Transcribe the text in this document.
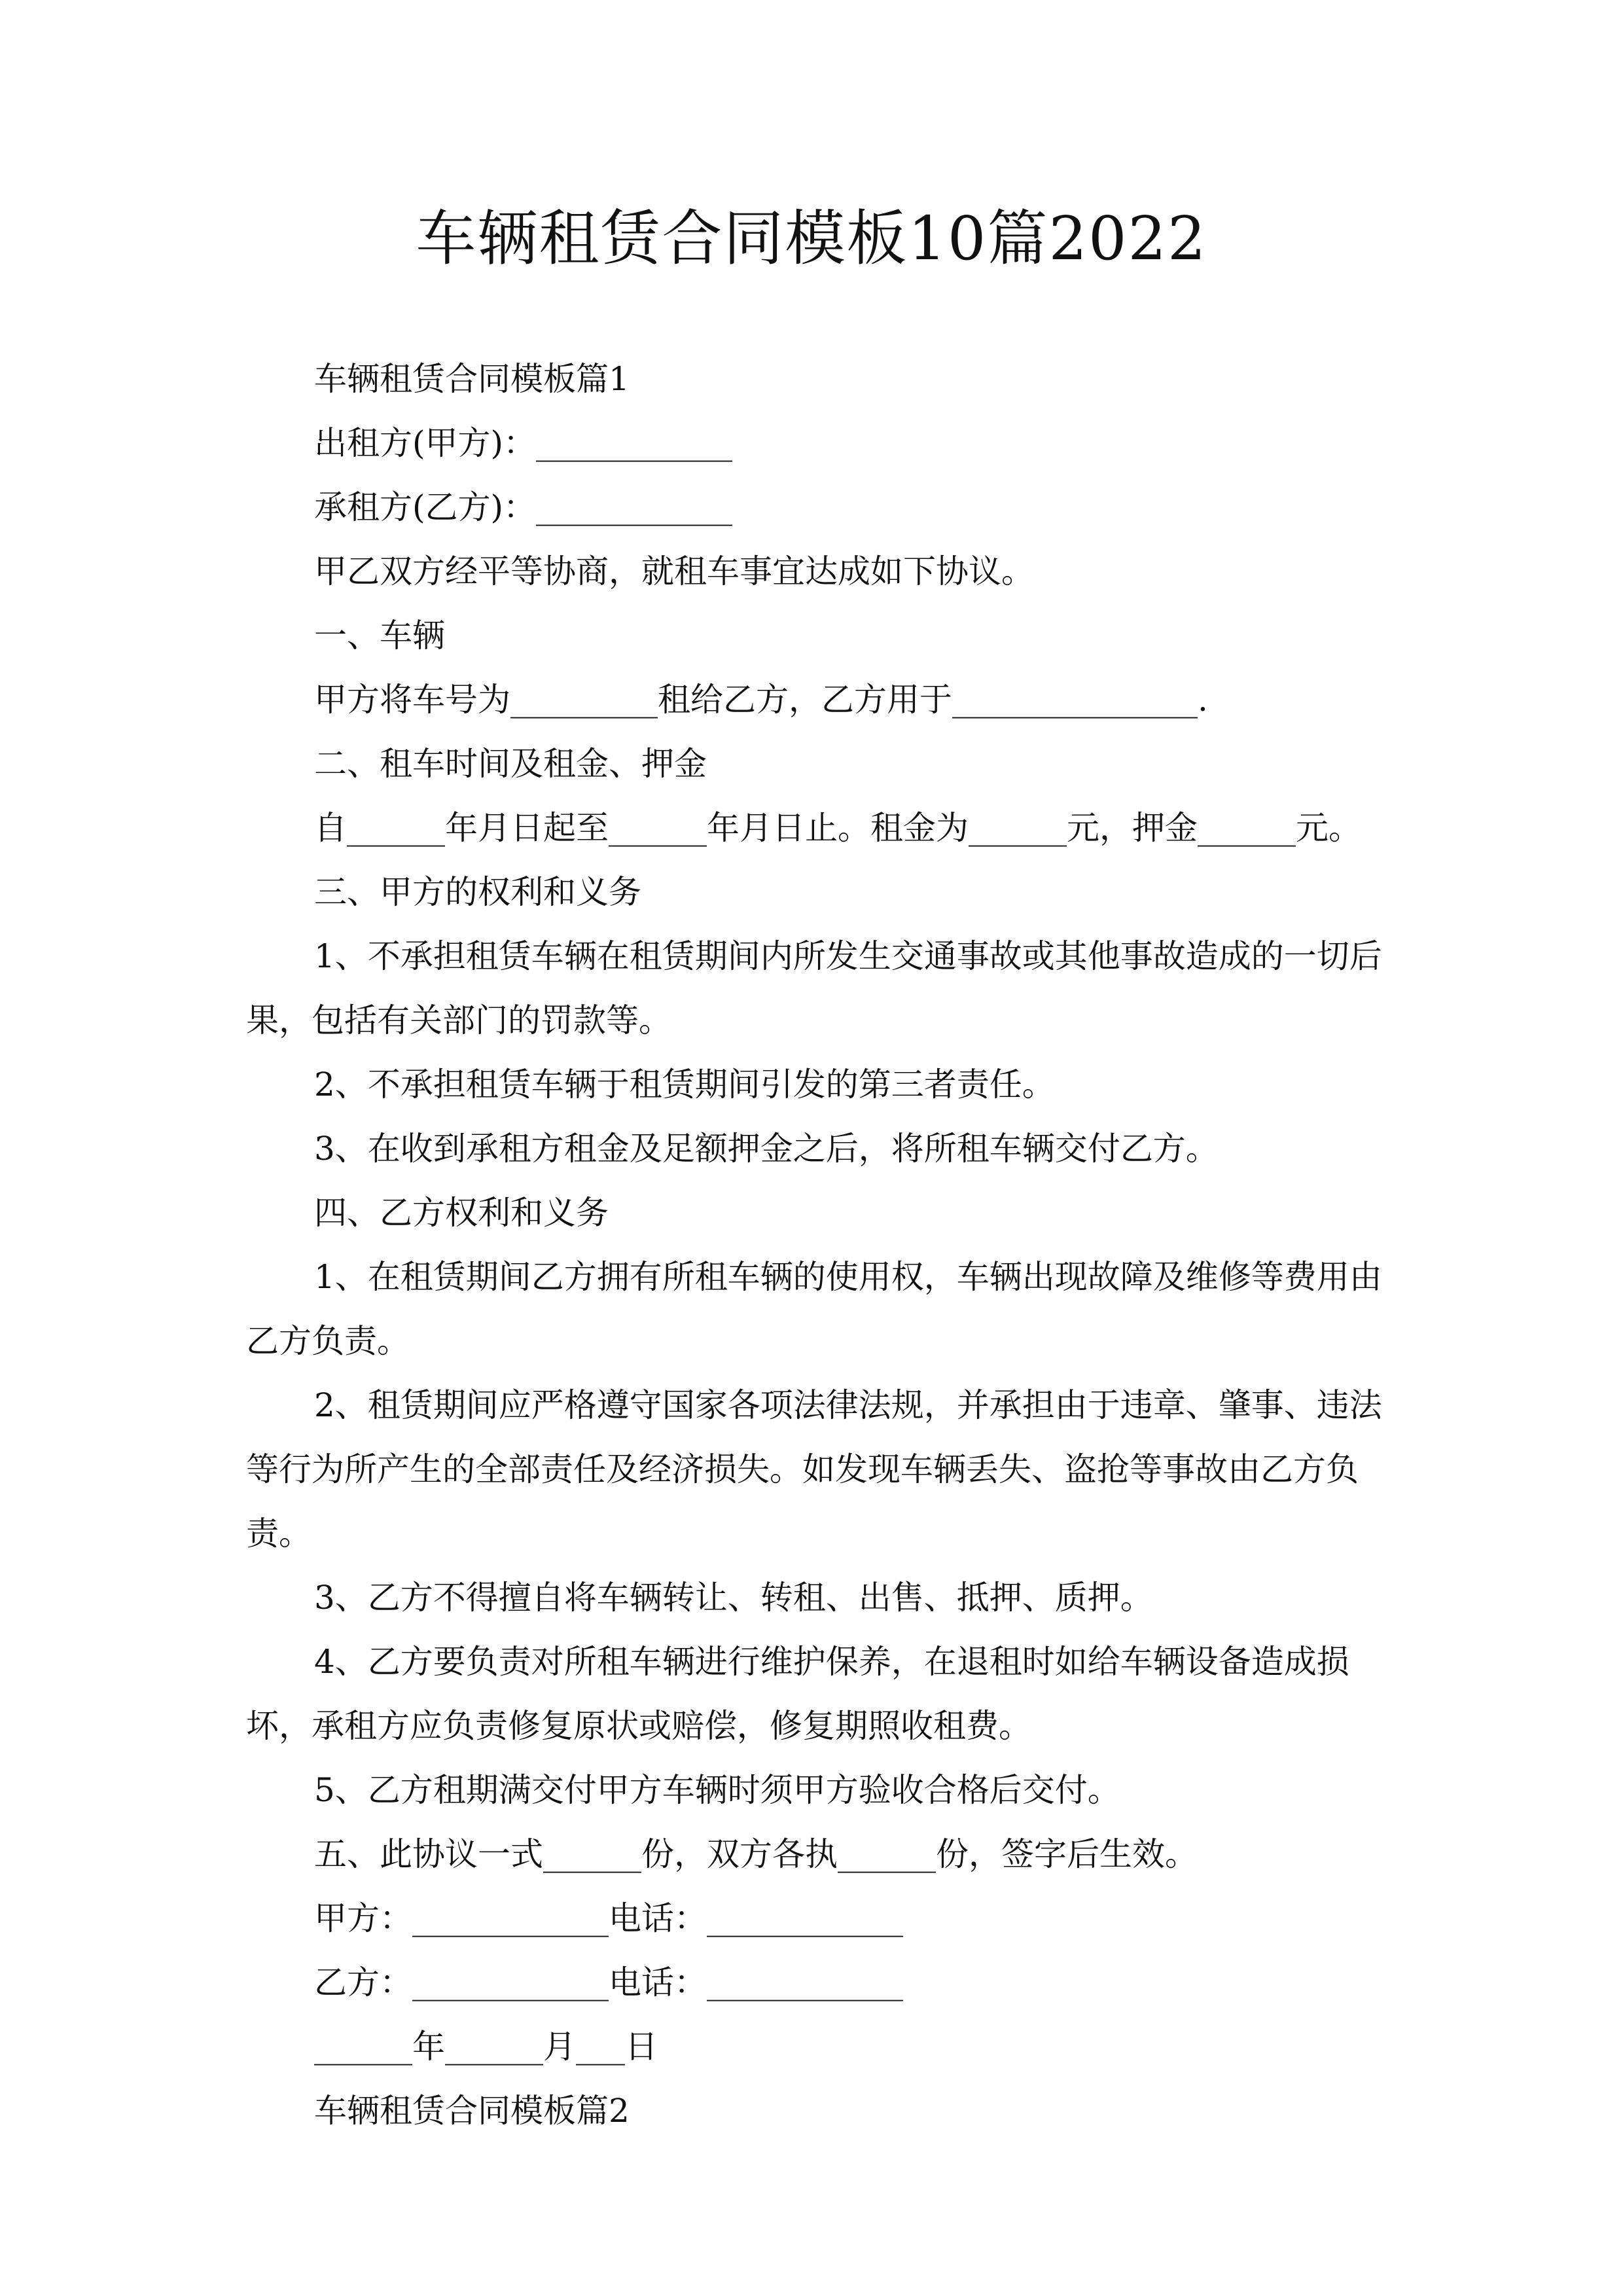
车辆租赁合同模板10篇2022

车辆租赁合同模板篇1

出租方(甲方)：____________

承租方(乙方)：____________

甲乙双方经平等协商，就租车事宜达成如下协议。

一、车辆

甲方将车号为_________租给乙方，乙方用于_______________.

二、租车时间及租金、押金

自______年月日起至______年月日止。租金为______元，押金______元。

三、甲方的权利和义务

1、不承担租赁车辆在租赁期间内所发生交通事故或其他事故造成的一切后果，包括有关部门的罚款等。

2、不承担租赁车辆于租赁期间引发的第三者责任。

3、在收到承租方租金及足额押金之后，将所租车辆交付乙方。

四、乙方权利和义务

1、在租赁期间乙方拥有所租车辆的使用权，车辆出现故障及维修等费用由乙方负责。

2、租赁期间应严格遵守国家各项法律法规，并承担由于违章、肇事、违法等行为所产生的全部责任及经济损失。如发现车辆丢失、盗抢等事故由乙方负责。

3、乙方不得擅自将车辆转让、转租、出售、抵押、质押。

4、乙方要负责对所租车辆进行维护保养，在退租时如给车辆设备造成损坏，承租方应负责修复原状或赔偿，修复期照收租费。

5、乙方租期满交付甲方车辆时须甲方验收合格后交付。

五、此协议一式______份，双方各执______份，签字后生效。

甲方：____________电话：____________

乙方：____________电话：____________

______年______月___日

车辆租赁合同模板篇2
